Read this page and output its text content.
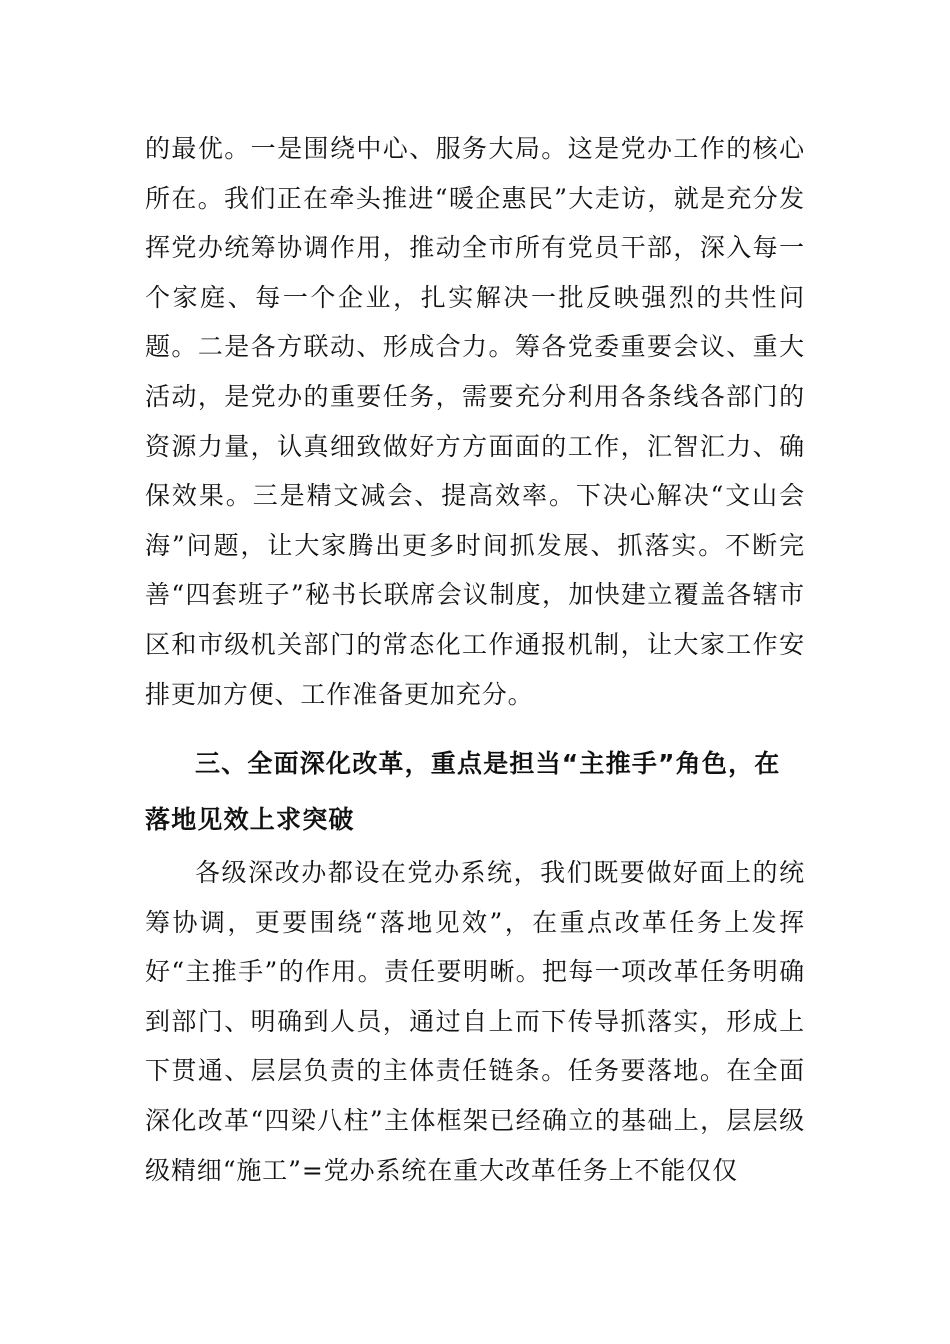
的最优。一是围绕中心、服务大局。这是党办工作的核心所在。我们正在牵头推进“暖企惠民”大走访，就是充分发挥党办统筹协调作用，推动全市所有党员干部，深入每一个家庭、每一个企业，扎实解决一批反映强烈的共性问题。二是各方联动、形成合力。筹各党委重要会议、重大活动，是党办的重要任务，需要充分利用各条线各部门的资源力量，认真细致做好方方面面的工作，汇智汇力、确保效果。三是精文减会、提高效率。下决心解决“文山会海”问题，让大家腾出更多时间抓发展、抓落实。不断完善“四套班子”秘书长联席会议制度，加快建立覆盖各辖市区和市级机关部门的常态化工作通报机制，让大家工作安排更加方便、工作准备更加充分。

三、全面深化改革，重点是担当“主推手”角色，在落地见效上求突破

各级深改办都设在党办系统，我们既要做好面上的统筹协调，更要围绕“落地见效”，在重点改革任务上发挥好“主推手”的作用。责任要明晰。把每一项改革任务明确到部门、明确到人员，通过自上而下传导抓落实，形成上下贯通、层层负责的主体责任链条。任务要落地。在全面深化改革“四梁八柱”主体框架已经确立的基础上，层层级级精细“施工”=党办系统在重大改革任务上不能仅仅
